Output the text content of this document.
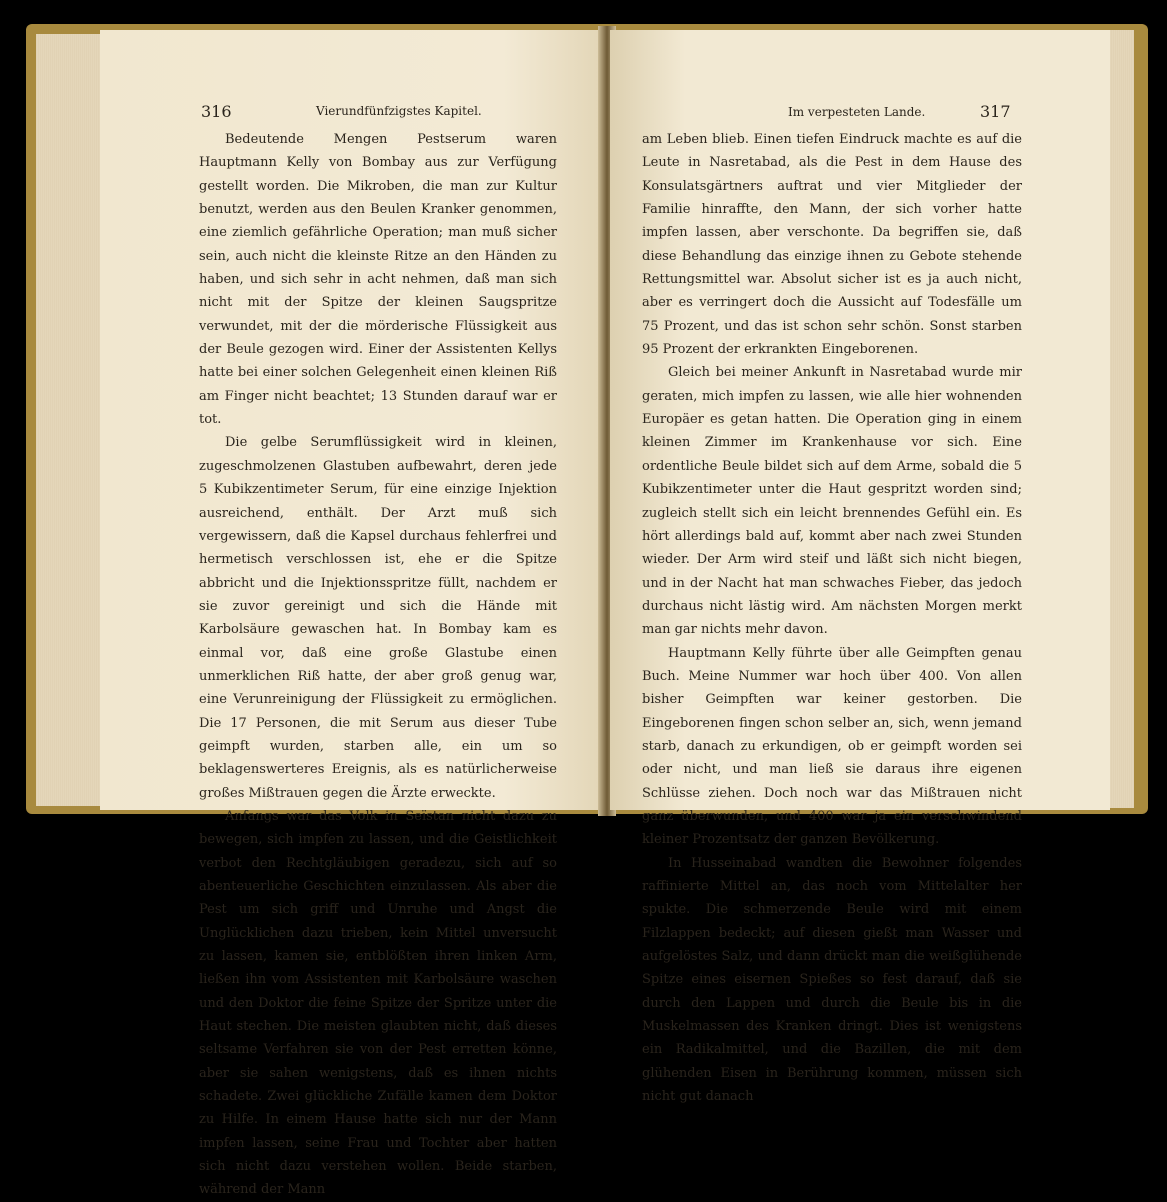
316	Vierundfünfzigstes Kapitel.

Bedeutende Mengen Pestserum waren Hauptmann Kelly von Bombay aus zur Verfügung gestellt worden. Die Mikroben, die man zur Kultur benutzt, werden aus den Beulen Kranker genommen, eine ziemlich gefährliche Operation; man muß sicher sein, auch nicht die kleinste Ritze an den Händen zu haben, und sich sehr in acht nehmen, daß man sich nicht mit der Spitze der kleinen Saugspritze verwundet, mit der die mörderische Flüssigkeit aus der Beule gezogen wird. Einer der Assistenten Kellys hatte bei einer solchen Gelegenheit einen kleinen Riß am Finger nicht beachtet; 13 Stunden darauf war er tot.

Die gelbe Serumflüssigkeit wird in kleinen, zugeschmolzenen Glastuben aufbewahrt, deren jede 5 Kubikzentimeter Serum, für eine einzige Injektion ausreichend, enthält. Der Arzt muß sich vergewissern, daß die Kapsel durchaus fehlerfrei und hermetisch verschlossen ist, ehe er die Spitze abbricht und die Injektionsspritze füllt, nachdem er sie zuvor gereinigt und sich die Hände mit Karbolsäure gewaschen hat. In Bombay kam es einmal vor, daß eine große Glastube einen unmerklichen Riß hatte, der aber groß genug war, eine Verunreinigung der Flüssigkeit zu ermöglichen. Die 17 Personen, die mit Serum aus dieser Tube geimpft wurden, starben alle, ein um so beklagenswerteres Ereignis, als es natürlicherweise großes Mißtrauen gegen die Ärzte erweckte.

Anfangs war das Volk in Seïstan nicht dazu zu bewegen, sich impfen zu lassen, und die Geistlichkeit verbot den Rechtgläubigen geradezu, sich auf so abenteuerliche Geschichten einzulassen. Als aber die Pest um sich griff und Unruhe und Angst die Unglücklichen dazu trieben, kein Mittel unversucht zu lassen, kamen sie, entblößten ihren linken Arm, ließen ihn vom Assistenten mit Karbolsäure waschen und den Doktor die feine Spitze der Spritze unter die Haut stechen. Die meisten glaubten nicht, daß dieses seltsame Verfahren sie von der Pest erretten könne, aber sie sahen wenigstens, daß es ihnen nichts schadete. Zwei glückliche Zufälle kamen dem Doktor zu Hilfe. In einem Hause hatte sich nur der Mann impfen lassen, seine Frau und Tochter aber hatten sich nicht dazu verstehen wollen. Beide starben, während der Mann

Im verpesteten Lande.	317

am Leben blieb. Einen tiefen Eindruck machte es auf die Leute in Nasretabad, als die Pest in dem Hause des Konsulatsgärtners auftrat und vier Mitglieder der Familie hinraffte, den Mann, der sich vorher hatte impfen lassen, aber verschonte. Da begriffen sie, daß diese Behandlung das einzige ihnen zu Gebote stehende Rettungsmittel war. Absolut sicher ist es ja auch nicht, aber es verringert doch die Aussicht auf Todesfälle um 75 Prozent, und das ist schon sehr schön. Sonst starben 95 Prozent der erkrankten Eingeborenen.

Gleich bei meiner Ankunft in Nasretabad wurde mir geraten, mich impfen zu lassen, wie alle hier wohnenden Europäer es getan hatten. Die Operation ging in einem kleinen Zimmer im Krankenhause vor sich. Eine ordentliche Beule bildet sich auf dem Arme, sobald die 5 Kubikzentimeter unter die Haut gespritzt worden sind; zugleich stellt sich ein leicht brennendes Gefühl ein. Es hört allerdings bald auf, kommt aber nach zwei Stunden wieder. Der Arm wird steif und läßt sich nicht biegen, und in der Nacht hat man schwaches Fieber, das jedoch durchaus nicht lästig wird. Am nächsten Morgen merkt man gar nichts mehr davon.

Hauptmann Kelly führte über alle Geimpften genau Buch. Meine Nummer war hoch über 400. Von allen bisher Geimpften war keiner gestorben. Die Eingeborenen fingen schon selber an, sich, wenn jemand starb, danach zu erkundigen, ob er geimpft worden sei oder nicht, und man ließ sie daraus ihre eigenen Schlüsse ziehen. Doch noch war das Mißtrauen nicht ganz überwunden, und 400 war ja ein verschwindend kleiner Prozentsatz der ganzen Bevölkerung.

In Husseinabad wandten die Bewohner folgendes raffinierte Mittel an, das noch vom Mittelalter her spukte. Die schmerzende Beule wird mit einem Filzlappen bedeckt; auf diesen gießt man Wasser und aufgelöstes Salz, und dann drückt man die weißglühende Spitze eines eisernen Spießes so fest darauf, daß sie durch den Lappen und durch die Beule bis in die Muskelmassen des Kranken dringt. Dies ist wenigstens ein Radikalmittel, und die Bazillen, die mit dem glühenden Eisen in Berührung kommen, müssen sich nicht gut danach
